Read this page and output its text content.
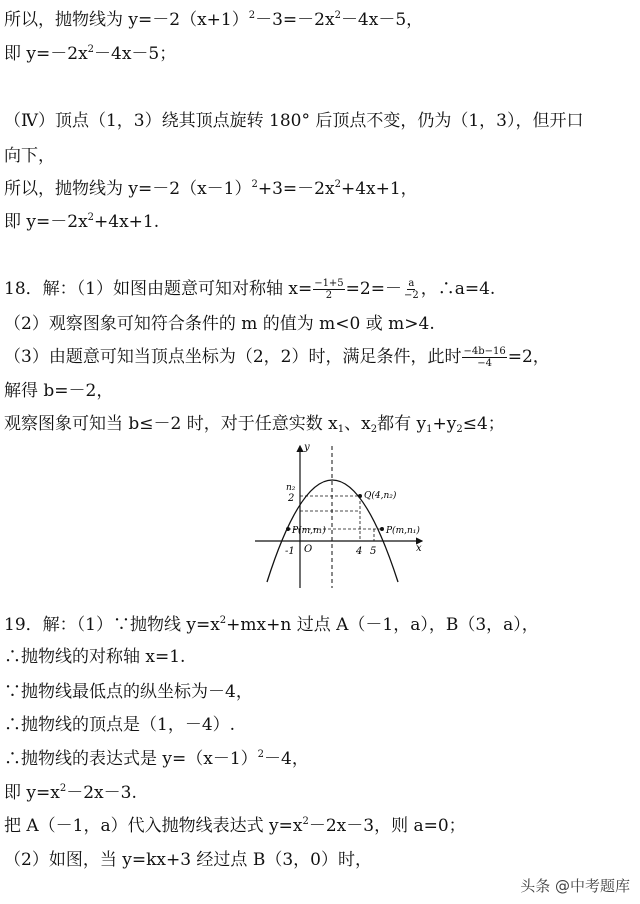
所以，抛物线为 $y=-2(x+1)^2-3=-2x^2-4x-5$，
即 $y=-2x^2-4x-5$；
（Ⅳ）顶点（1，3）绕其顶点旋转 180° 后顶点不变，仍为（1，3），但开口
向下，
所以，抛物线为 $y=-2(x-1)^2+3=-2x^2+4x+1$，
即 $y=-2x^2+4x+1$.
18．解：（1）如图由题意可知对称轴 $x= \frac{-1+5}{2} =2=- \frac{a}{-2}$ ，∴a=4.
（2）观察图象可知符合条件的 m 的值为 m<0 或 m>4.
（3）由题意可知当顶点坐标为（2，2）时，满足条件，此时 $\frac{-4b-16}{-4} =2$，
解得 b=－2，
观察图象可知当 b≤－2 时，对于任意实数 $x_1$、$x_2$都有 $y_1+y_2\le 4$；
y
x
n₂
2	Q(4,n₂)
P(m,n₁)	P(m,n₁)
-1 O	4 5
19．解：（1）∵抛物线 $y=x^2+mx+n$ 过点 A（－1，a），B（3，a），
∴抛物线的对称轴 x=1.
∵抛物线最低点的纵坐标为－4，
∴抛物线的顶点是（1，－4）.
∴抛物线的表达式是 $y=(x-1)^2-4$，
即 $y=x^2-2x-3$.
把 A（－1，a）代入抛物线表达式 $y=x^2-2x-3$，则 a=0；
（2）如图，当 y=kx+3 经过点 B（3，0）时，
头条 @中考题库
